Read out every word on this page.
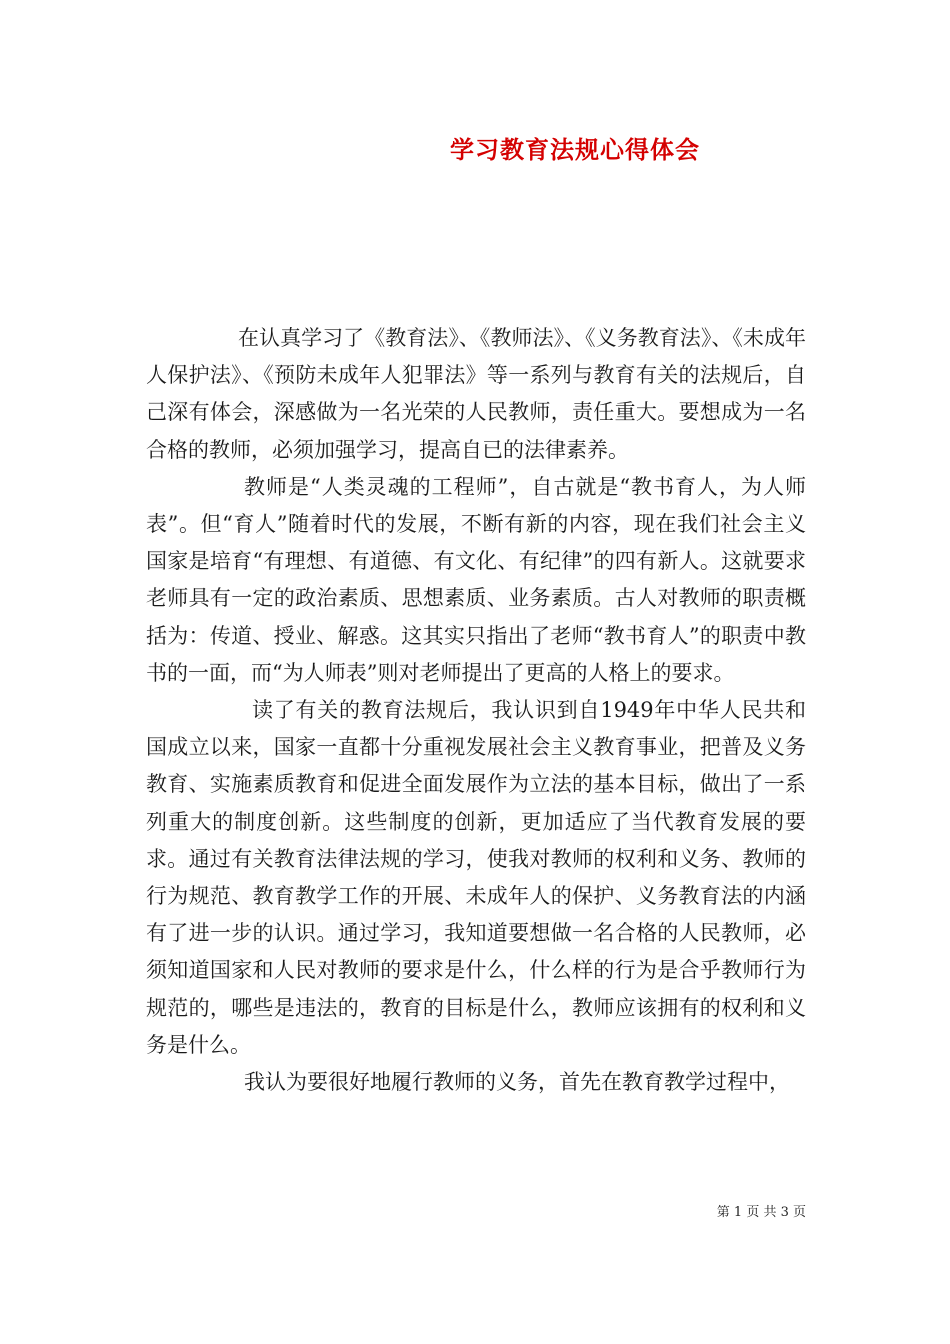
学习教育法规心得体会

在认真学习了《教育法》、《教师法》、《义务教育法》、《未成年人保护法》、《预防未成年人犯罪法》等一系列与教育有关的法规后，自己深有体会，深感做为一名光荣的人民教师，责任重大。要想成为一名合格的教师，必须加强学习，提高自已的法律素养。

教师是“人类灵魂的工程师”，自古就是“教书育人，为人师表”。但“育人”随着时代的发展，不断有新的内容，现在我们社会主义国家是培育“有理想、有道德、有文化、有纪律”的四有新人。这就要求老师具有一定的政治素质、思想素质、业务素质。古人对教师的职责概括为：传道、授业、解惑。这其实只指出了老师“教书育人”的职责中教书的一面，而“为人师表”则对老师提出了更高的人格上的要求。

读了有关的教育法规后，我认识到自1949年中华人民共和国成立以来，国家一直都十分重视发展社会主义教育事业，把普及义务教育、实施素质教育和促进全面发展作为立法的基本目标，做出了一系列重大的制度创新。这些制度的创新，更加适应了当代教育发展的要求。通过有关教育法律法规的学习，使我对教师的权利和义务、教师的行为规范、教育教学工作的开展、未成年人的保护、义务教育法的内涵有了进一步的认识。通过学习，我知道要想做一名合格的人民教师，必须知道国家和人民对教师的要求是什么，什么样的行为是合乎教师行为规范的，哪些是违法的，教育的目标是什么，教师应该拥有的权利和义务是什么。

我认为要很好地履行教师的义务，首先在教育教学过程中，

第 1 页 共 3 页
